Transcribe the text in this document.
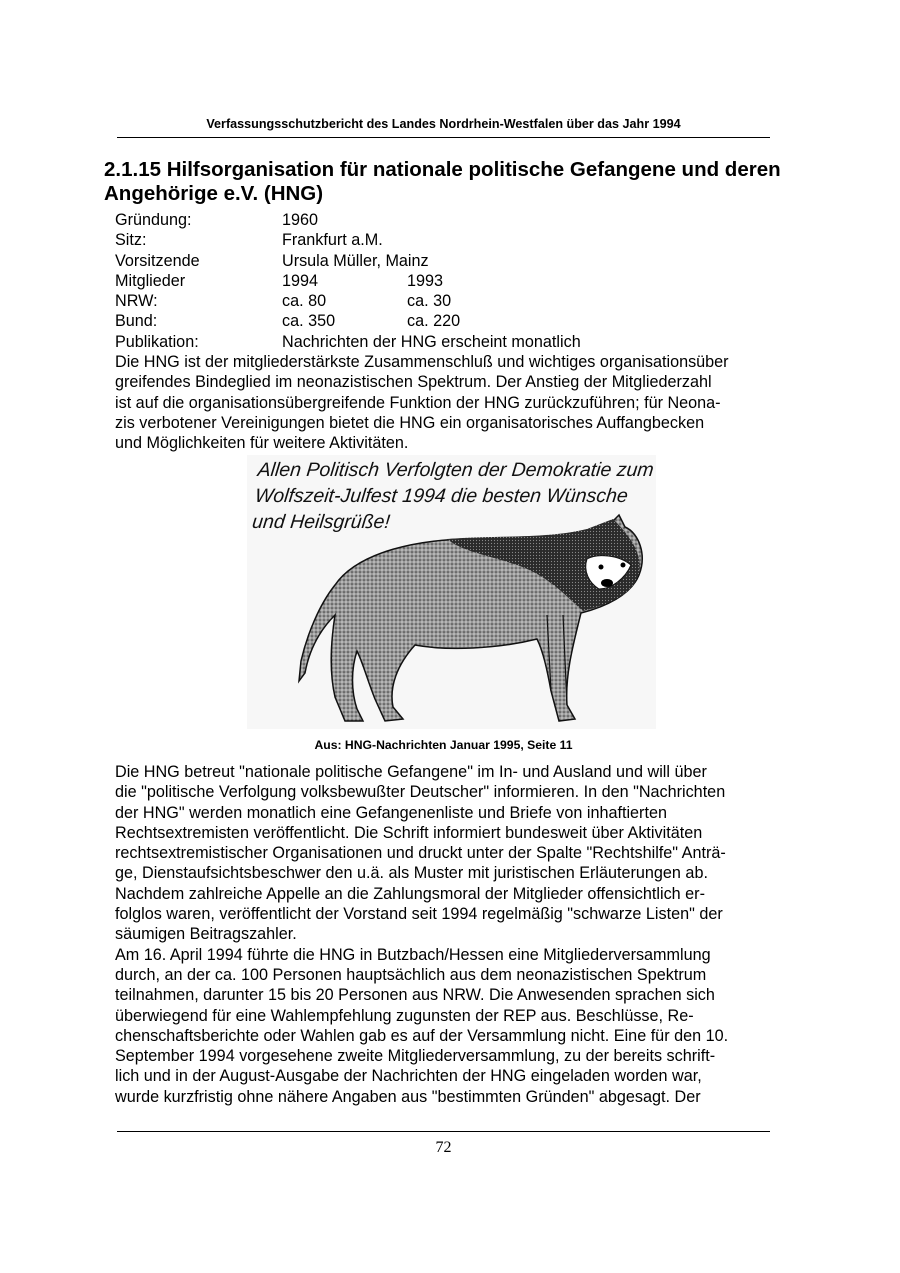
Verfassungsschutzbericht des Landes Nordrhein-Westfalen über das Jahr 1994
2.1.15 Hilfsorganisation für nationale politische Gefangene und deren
Angehörige e.V. (HNG)
Gründung:	1960
Sitz:	Frankfurt a.M.
Vorsitzende	Ursula Müller, Mainz
Mitglieder	1994	1993
NRW:	ca. 80	ca. 30
Bund:	ca. 350	ca. 220
Publikation:	Nachrichten der HNG erscheint monatlich

Die HNG ist der mitgliederstärkste Zusammenschluß und wichtiges organisationsüber
greifendes Bindeglied im neonazistischen Spektrum. Der Anstieg der Mitgliederzahl
ist auf die organisationsübergreifende Funktion der HNG zurückzuführen; für Neona-
zis verbotener Vereinigungen bietet die HNG ein organisatorisches Auffangbecken
und Möglichkeiten für weitere Aktivitäten.

Allen Politisch Verfolgten der Demokratie zum
Wolfszeit-Julfest 1994 die besten Wünsche
und Heilsgrüße!
Aus: HNG-Nachrichten Januar 1995, Seite 11

Die HNG betreut "nationale politische Gefangene" im In- und Ausland und will über
die "politische Verfolgung volksbewußter Deutscher" informieren. In den "Nachrichten
der HNG" werden monatlich eine Gefangenenliste und Briefe von inhaftierten
Rechtsextremisten veröffentlicht. Die Schrift informiert bundesweit über Aktivitäten
rechtsextremistischer Organisationen und druckt unter der Spalte "Rechtshilfe" Anträ-
ge, Dienstaufsichtsbeschwer den u.ä. als Muster mit juristischen Erläuterungen ab.
Nachdem zahlreiche Appelle an die Zahlungsmoral der Mitglieder offensichtlich er-
folglos waren, veröffentlicht der Vorstand seit 1994 regelmäßig "schwarze Listen" der
säumigen Beitragszahler.
Am 16. April 1994 führte die HNG in Butzbach/Hessen eine Mitgliederversammlung
durch, an der ca. 100 Personen hauptsächlich aus dem neonazistischen Spektrum
teilnahmen, darunter 15 bis 20 Personen aus NRW. Die Anwesenden sprachen sich
überwiegend für eine Wahlempfehlung zugunsten der REP aus. Beschlüsse, Re-
chenschaftsberichte oder Wahlen gab es auf der Versammlung nicht. Eine für den 10.
September 1994 vorgesehene zweite Mitgliederversammlung, zu der bereits schrift-
lich und in der August-Ausgabe der Nachrichten der HNG eingeladen worden war,
wurde kurzfristig ohne nähere Angaben aus "bestimmten Gründen" abgesagt. Der

72
